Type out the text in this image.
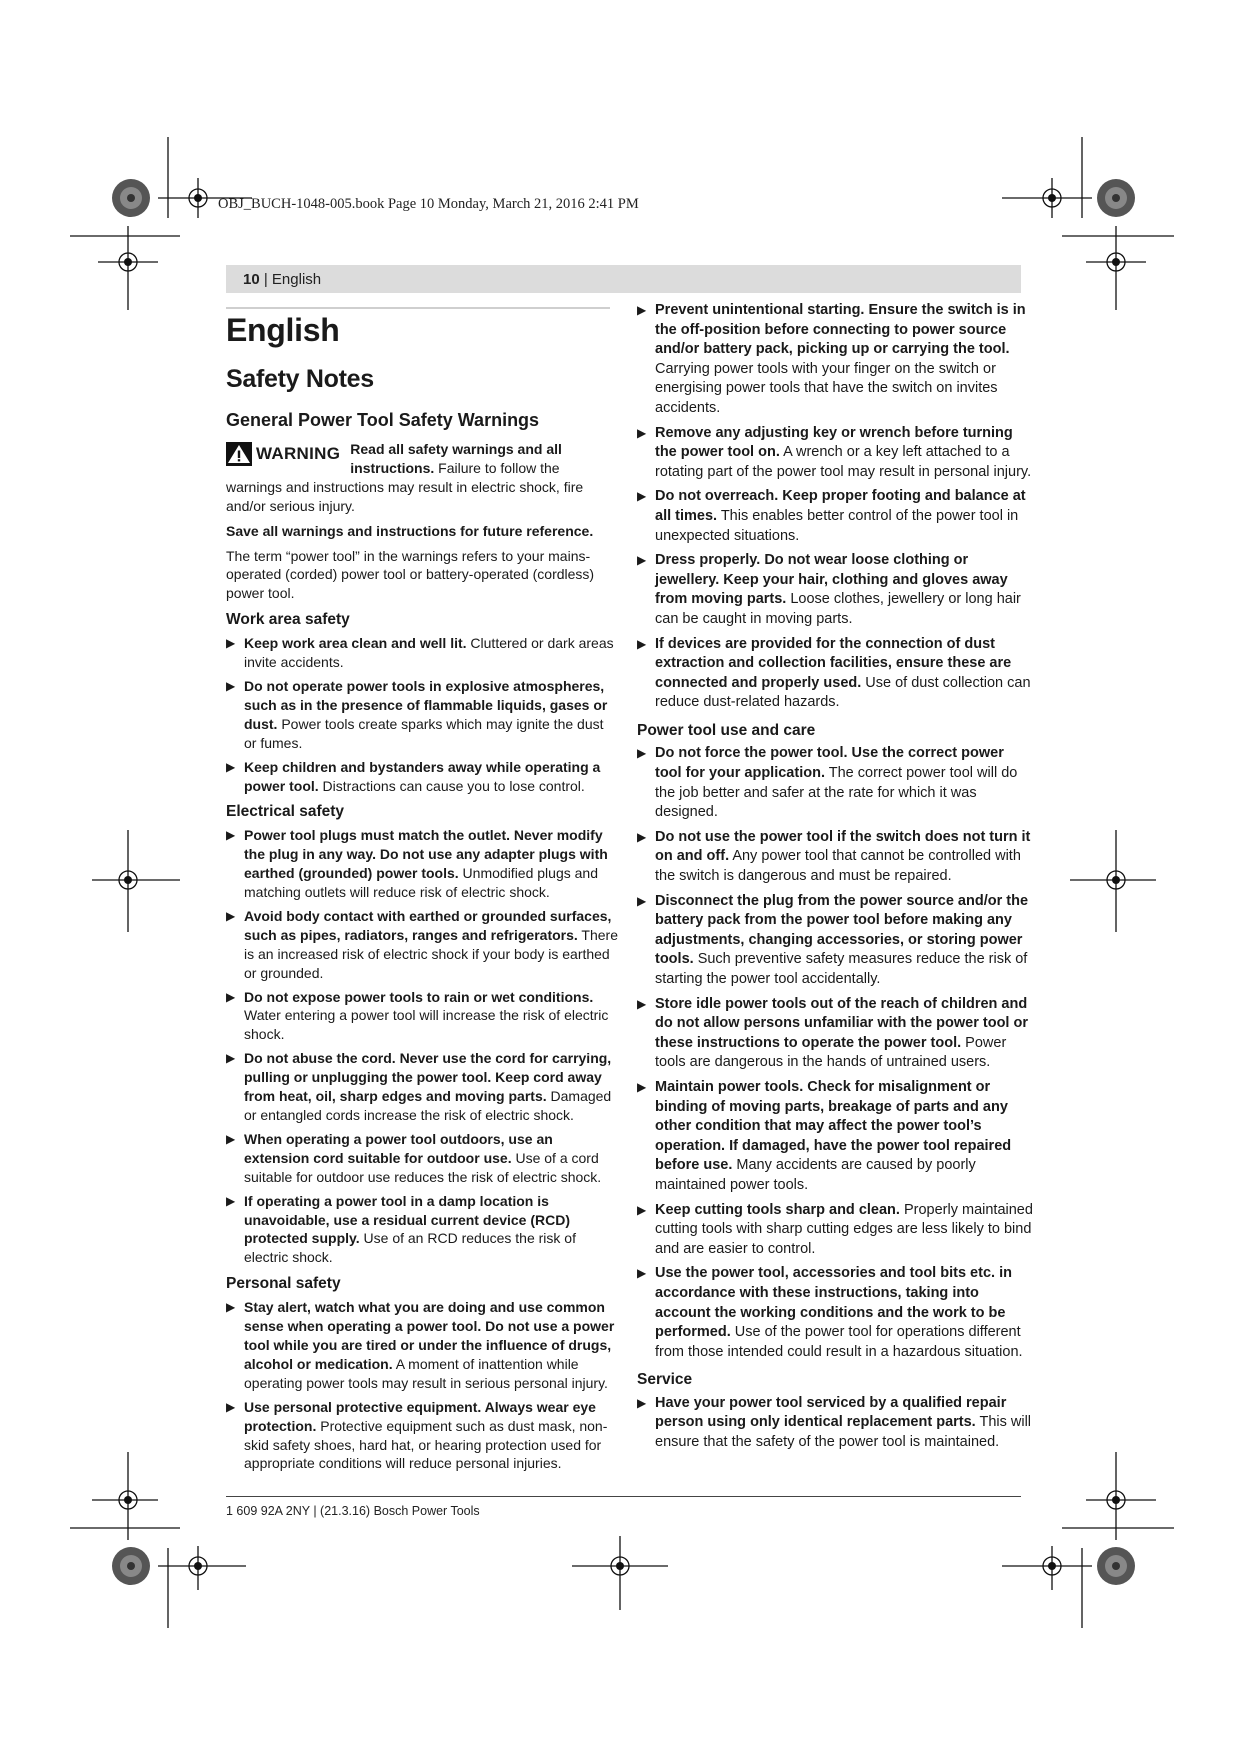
OBJ_BUCH-1048-005.book Page 10 Monday, March 21, 2016 2:41 PM
10 | English
English
Safety Notes
General Power Tool Safety Warnings
WARNING Read all safety warnings and all instructions. Failure to follow the warnings and instructions may result in electric shock, fire and/or serious injury.
Save all warnings and instructions for future reference.
The term “power tool” in the warnings refers to your mains-operated (corded) power tool or battery-operated (cordless) power tool.
Work area safety
▶ Keep work area clean and well lit. Cluttered or dark areas invite accidents.
▶ Do not operate power tools in explosive atmospheres, such as in the presence of flammable liquids, gases or dust. Power tools create sparks which may ignite the dust or fumes.
▶ Keep children and bystanders away while operating a power tool. Distractions can cause you to lose control.
Electrical safety
▶ Power tool plugs must match the outlet. Never modify the plug in any way. Do not use any adapter plugs with earthed (grounded) power tools. Unmodified plugs and matching outlets will reduce risk of electric shock.
▶ Avoid body contact with earthed or grounded surfaces, such as pipes, radiators, ranges and refrigerators. There is an increased risk of electric shock if your body is earthed or grounded.
▶ Do not expose power tools to rain or wet conditions. Water entering a power tool will increase the risk of electric shock.
▶ Do not abuse the cord. Never use the cord for carrying, pulling or unplugging the power tool. Keep cord away from heat, oil, sharp edges and moving parts. Damaged or entangled cords increase the risk of electric shock.
▶ When operating a power tool outdoors, use an extension cord suitable for outdoor use. Use of a cord suitable for outdoor use reduces the risk of electric shock.
▶ If operating a power tool in a damp location is unavoidable, use a residual current device (RCD) protected supply. Use of an RCD reduces the risk of electric shock.
Personal safety
▶ Stay alert, watch what you are doing and use common sense when operating a power tool. Do not use a power tool while you are tired or under the influence of drugs, alcohol or medication. A moment of inattention while operating power tools may result in serious personal injury.
▶ Use personal protective equipment. Always wear eye protection. Protective equipment such as dust mask, non-skid safety shoes, hard hat, or hearing protection used for appropriate conditions will reduce personal injuries.
▶ Prevent unintentional starting. Ensure the switch is in the off-position before connecting to power source and/or battery pack, picking up or carrying the tool. Carrying power tools with your finger on the switch or energising power tools that have the switch on invites accidents.
▶ Remove any adjusting key or wrench before turning the power tool on. A wrench or a key left attached to a rotating part of the power tool may result in personal injury.
▶ Do not overreach. Keep proper footing and balance at all times. This enables better control of the power tool in unexpected situations.
▶ Dress properly. Do not wear loose clothing or jewellery. Keep your hair, clothing and gloves away from moving parts. Loose clothes, jewellery or long hair can be caught in moving parts.
▶ If devices are provided for the connection of dust extraction and collection facilities, ensure these are connected and properly used. Use of dust collection can reduce dust-related hazards.
Power tool use and care
▶ Do not force the power tool. Use the correct power tool for your application. The correct power tool will do the job better and safer at the rate for which it was designed.
▶ Do not use the power tool if the switch does not turn it on and off. Any power tool that cannot be controlled with the switch is dangerous and must be repaired.
▶ Disconnect the plug from the power source and/or the battery pack from the power tool before making any adjustments, changing accessories, or storing power tools. Such preventive safety measures reduce the risk of starting the power tool accidentally.
▶ Store idle power tools out of the reach of children and do not allow persons unfamiliar with the power tool or these instructions to operate the power tool. Power tools are dangerous in the hands of untrained users.
▶ Maintain power tools. Check for misalignment or binding of moving parts, breakage of parts and any other condition that may affect the power tool’s operation. If damaged, have the power tool repaired before use. Many accidents are caused by poorly maintained power tools.
▶ Keep cutting tools sharp and clean. Properly maintained cutting tools with sharp cutting edges are less likely to bind and are easier to control.
▶ Use the power tool, accessories and tool bits etc. in accordance with these instructions, taking into account the working conditions and the work to be performed. Use of the power tool for operations different from those intended could result in a hazardous situation.
Service
▶ Have your power tool serviced by a qualified repair person using only identical replacement parts. This will ensure that the safety of the power tool is maintained.
1 609 92A 2NY | (21.3.16) Bosch Power Tools
